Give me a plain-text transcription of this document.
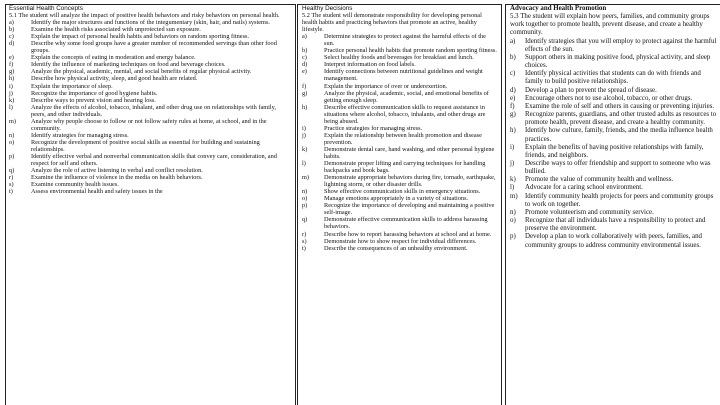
Essential Health Concepts
5.1 The student will analyze the impact of positive health behaviors and risky behaviors on personal health.
a)	Identify the major structures and functions of the integumentary (skin, hair, and nails) systems.
b)	Examine the health risks associated with unprotected sun exposure.
c)	Explain the impact of personal health habits and behaviors on random sporting fitness.
d)	Describe why some food groups have a greater number of recommended servings than other food groups.
e)	Explain the concepts of eating in moderation and energy balance.
f)	Identify the influence of marketing techniques on food and beverage choices.
g)	Analyze the physical, academic, mental, and social benefits of regular physical activity.
h)	Describe how physical activity, sleep, and good health are related.
i)	Explain the importance of sleep.
j)	Recognize the importance of good hygiene habits.
k)	Describe ways to prevent vision and hearing loss.
l)	Analyze the effects of alcohol, tobacco, inhalant, and other drug use on relationships with family, peers, and other individuals.
m)	Analyze why people choose to follow or not follow safety rules at home, at school, and in the community.
n)	Identify strategies for managing stress.
o)	Recognize the development of positive social skills as essential for building and sustaining relationships.
p)	Identify effective verbal and nonverbal communication skills that convey care, consideration, and respect for self and others.
q)	Analyze the role of active listening in verbal and conflict resolution.
r)	Examine the influence of violence in the media on health behaviors.
s)	Examine community health issues.
t)	Assess environmental health and safety issues in the
Healthy Decisions
5.2 The student will demonstrate responsibility for developing personal health habits and practicing behaviors that promote an active, healthy lifestyle.
a)	Determine strategies to protect against the harmful effects of the sun.
b)	Practice personal health habits that promote random sporting fitness.
c)	Select healthy foods and beverages for breakfast and lunch.
d)	Interpret information on food labels.
e)	Identify connections between nutritional guidelines and weight management.
f)	Explain the importance of over or underexertion.
g)	Analyze the physical, academic, social, and emotional benefits of getting enough sleep.
h)	Describe effective communication skills to request assistance in situations where alcohol, tobacco, inhalants, and other drugs are being abused.
i)	Practice strategies for managing stress.
j)	Explain the relationship between health promotion and disease prevention.
k)	Demonstrate dental care, hand washing, and other personal hygiene habits.
l)	Demonstrate proper lifting and carrying techniques for handling backpacks and book bags.
m)	Demonstrate appropriate behaviors during fire, tornado, earthquake, lightning storm, or other disaster drills.
n)	Show effective communication skills in emergency situations.
o)	Manage emotions appropriately in a variety of situations.
p)	Recognize the importance of developing and maintaining a positive self-image.
q)	Demonstrate effective communication skills to address harassing behaviors.
r)	Describe how to report harassing behaviors at school and at home.
s)	Demonstrate how to show respect for individual differences.
t)	Describe the consequences of an unhealthy environment.
Advocacy and Health Promotion
5.3 The student will explain how peers, families, and community groups work together to promote health, prevent disease, and create a healthy community.
a)	Identify strategies that you will employ to protect against the harmful effects of the sun.
b)	Support others in making positive food, physical activity, and sleep choices.
c)	Identify physical activities that students can do with friends and family to build positive relationships.
d)	Develop a plan to prevent the spread of disease.
e)	Encourage others not to use alcohol, tobacco, or other drugs.
f)	Examine the role of self and others in causing or preventing injuries.
g)	Recognize parents, guardians, and other trusted adults as resources to promote health, prevent disease, and create a healthy community.
h)	Identify how culture, family, friends, and the media influence health practices.
i)	Explain the benefits of having positive relationships with family, friends, and neighbors.
j)	Describe ways to offer friendship and support to someone who was bullied.
k)	Promote the value of community health and wellness.
l)	Advocate for a caring school environment.
m)	Identify community health projects for peers and community groups to work on together.
n)	Promote volunteerism and community service.
o)	Recognize that all individuals have a responsibility to protect and preserve the environment.
p)	Develop a plan to work collaboratively with peers, families, and community groups to address community environmental issues.
